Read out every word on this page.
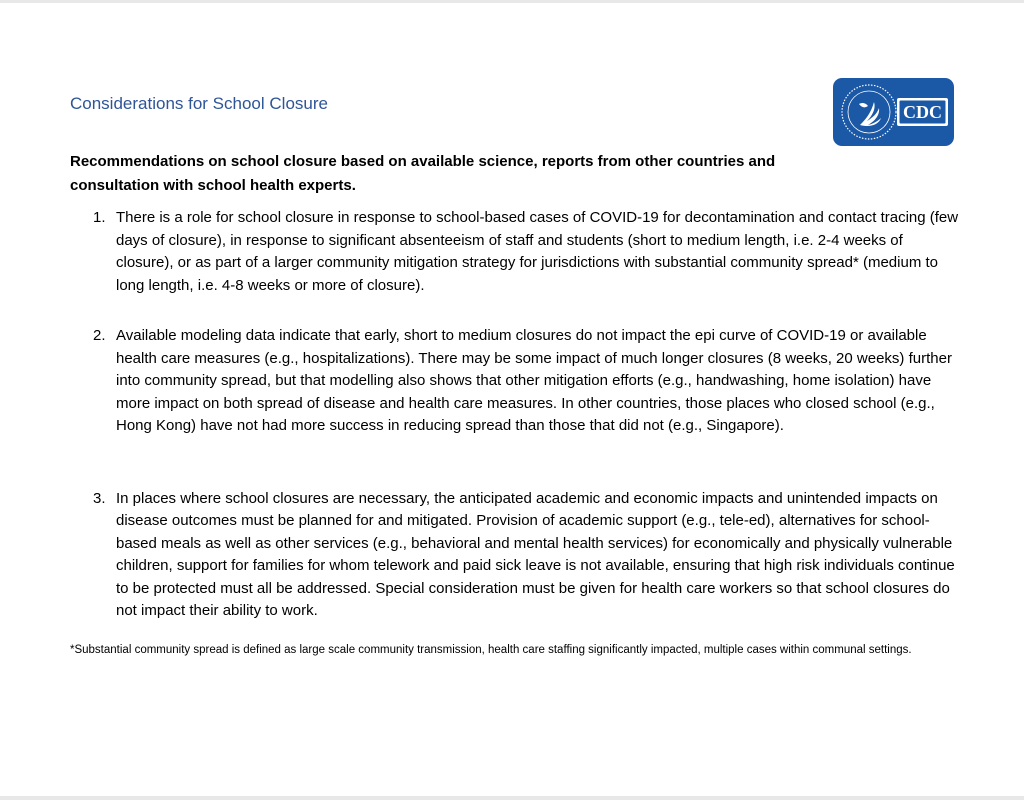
Considerations for School Closure	CDC

Recommendations on school closure based on available science, reports from other countries and consultation with school health experts.

1. There is a role for school closure in response to school-based cases of COVID-19 for decontamination and contact tracing (few days of closure), in response to significant absenteeism of staff and students (short to medium length, i.e. 2-4 weeks of closure), or as part of a larger community mitigation strategy for jurisdictions with substantial community spread* (medium to long length, i.e. 4-8 weeks or more of closure).
2. Available modeling data indicate that early, short to medium closures do not impact the epi curve of COVID-19 or available health care measures (e.g., hospitalizations). There may be some impact of much longer closures (8 weeks, 20 weeks) further into community spread, but that modelling also shows that other mitigation efforts (e.g., handwashing, home isolation) have more impact on both spread of disease and health care measures. In other countries, those places who closed school (e.g., Hong Kong) have not had more success in reducing spread than those that did not (e.g., Singapore).
3. In places where school closures are necessary, the anticipated academic and economic impacts and unintended impacts on disease outcomes must be planned for and mitigated. Provision of academic support (e.g., tele-ed), alternatives for school-based meals as well as other services (e.g., behavioral and mental health services) for economically and physically vulnerable children, support for families for whom telework and paid sick leave is not available, ensuring that high risk individuals continue to be protected must all be addressed. Special consideration must be given for health care workers so that school closures do not impact their ability to work.

*Substantial community spread is defined as large scale community transmission, health care staffing significantly impacted, multiple cases within communal settings.
